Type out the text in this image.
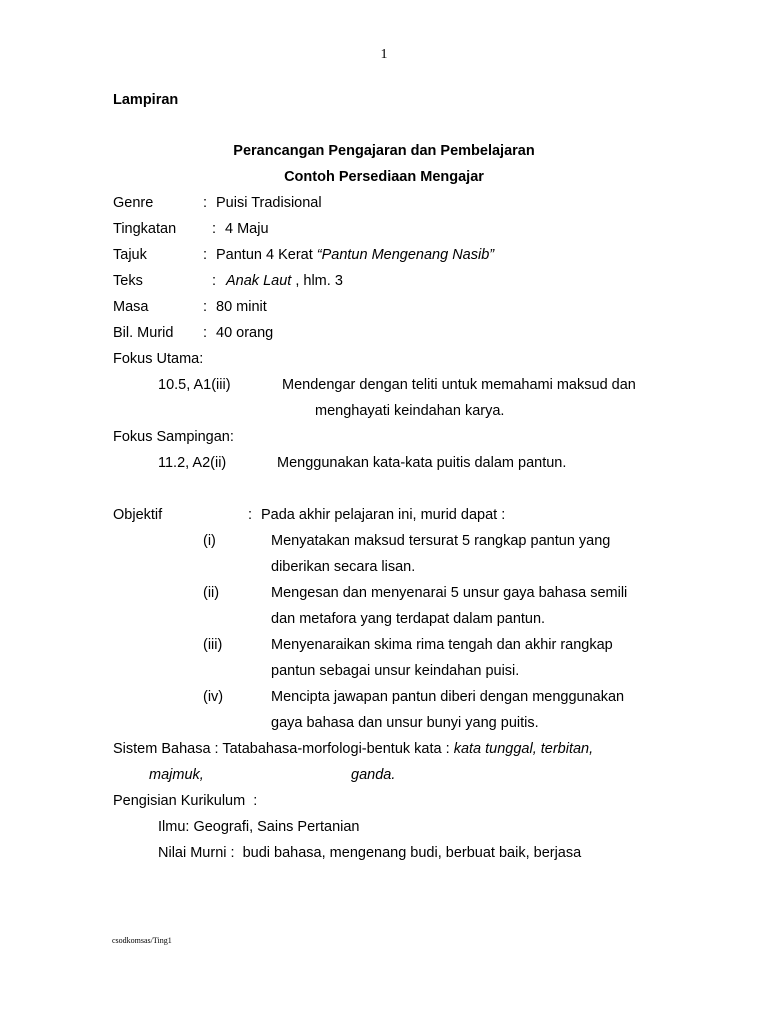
1
Lampiran
Perancangan Pengajaran dan Pembelajaran
Contoh Persediaan Mengajar
Genre	: Puisi Tradisional
Tingkatan : 4 Maju
Tajuk	: Pantun 4 Kerat “Pantun Mengenang Nasib”
Teks	: Anak Laut , hlm. 3
Masa	: 80 minit
Bil. Murid : 40 orang
Fokus Utama:
10.5, A1(iii)	Mendengar dengan teliti untuk memahami maksud dan
menghayati keindahan karya.
Fokus Sampingan:
11.2, A2(ii)	Menggunakan kata-kata puitis dalam pantun.
Objektif	: Pada akhir pelajaran ini, murid dapat :
(i)	Menyatakan maksud tersurat 5 rangkap pantun yang
diberikan secara lisan.
(ii)	Mengesan dan menyenarai 5 unsur gaya bahasa semili
dan metafora yang terdapat dalam pantun.
(iii)	Menyenaraikan skima rima tengah dan akhir rangkap
pantun sebagai unsur keindahan puisi.
(iv)	Mencipta jawapan pantun diberi dengan menggunakan
gaya bahasa dan unsur bunyi yang puitis.
Sistem Bahasa : Tatabahasa-morfologi-bentuk kata : kata tunggal, terbitan,
majmuk,	ganda.
Pengisian Kurikulum  :
Ilmu: Geografi, Sains Pertanian
Nilai Murni :  budi bahasa, mengenang budi, berbuat baik, berjasa
csodkomsas/Ting1
